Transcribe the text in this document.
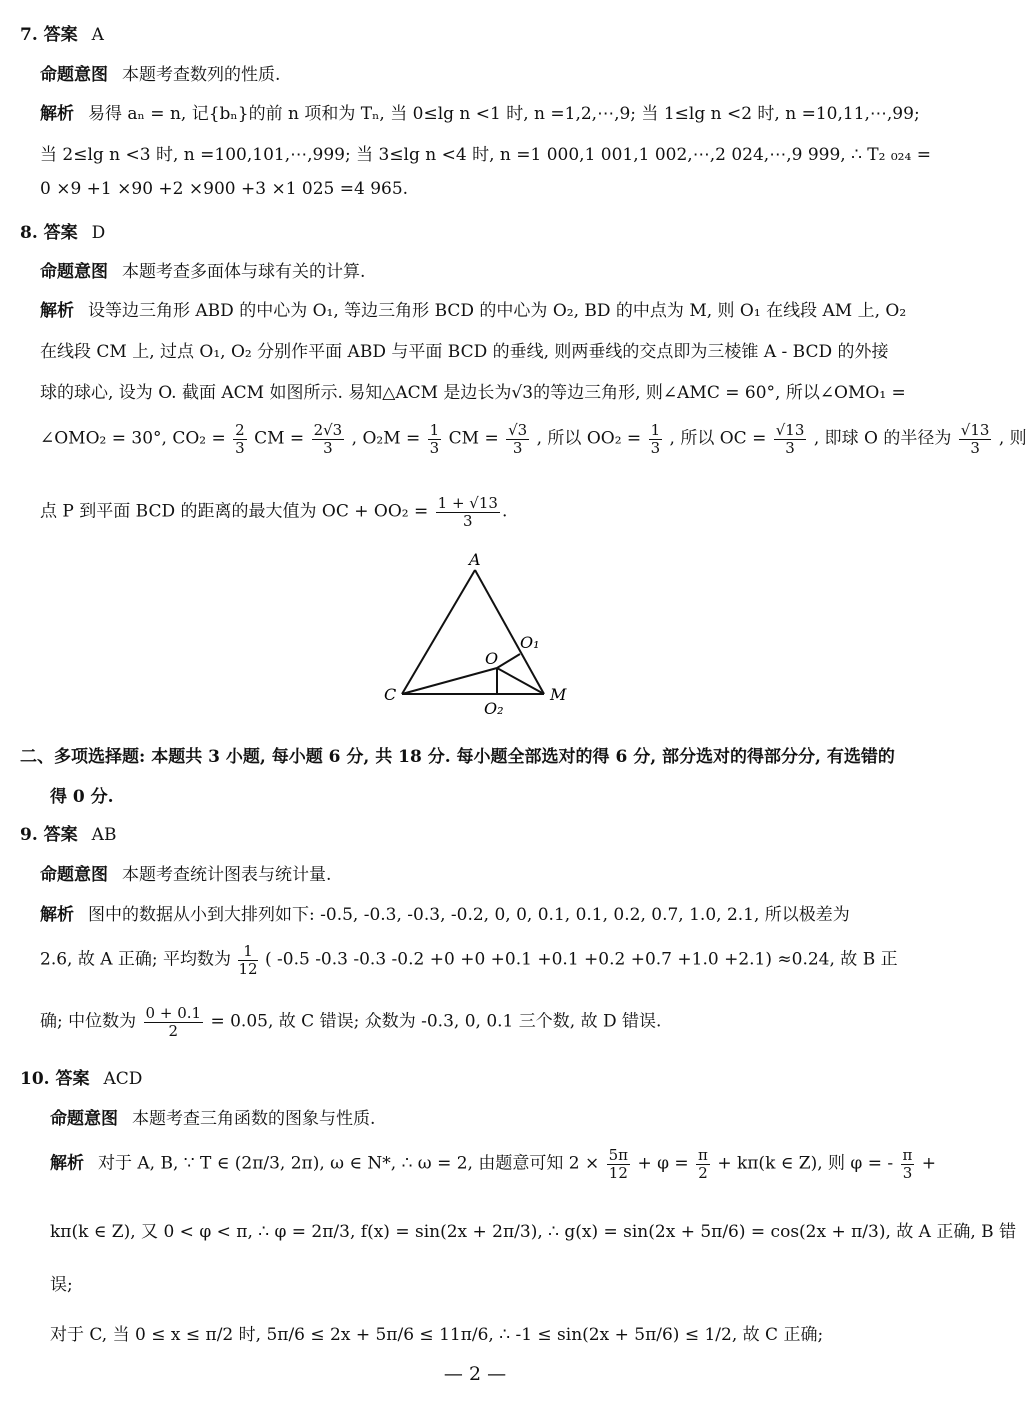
7. 答案 A
命题意图 本题考查数列的性质.
解析 易得 aₙ = n, 记{bₙ}的前 n 项和为 Tₙ, 当 0≤lg n <1 时, n =1,2,⋯,9; 当 1≤lg n <2 时, n =10,11,⋯,99;
当 2≤lg n <3 时, n =100,101,⋯,999; 当 3≤lg n <4 时, n =1 000,1 001,1 002,⋯,2 024,⋯,9 999, ∴ T₂ ₀₂₄ =
0 ×9 +1 ×90 +2 ×900 +3 ×1 025 =4 965.
8. 答案 D
命题意图 本题考查多面体与球有关的计算.
解析 设等边三角形 ABD 的中心为 O₁, 等边三角形 BCD 的中心为 O₂, BD 的中点为 M, 则 O₁ 在线段 AM 上, O₂
在线段 CM 上, 过点 O₁, O₂ 分别作平面 ABD 与平面 BCD 的垂线, 则两垂线的交点即为三棱锥 A - BCD 的外接
球的球心, 设为 O. 截面 ACM 如图所示. 易知△ACM 是边长为√3的等边三角形, 则∠AMC = 60°, 所以∠OMO₁ =
∠OMO₂ = 30°, $CO_2 = \frac{2}{3}$ CM = $\frac{2√3}{3}$ , $O_2M = \frac{1}{3}$ CM = $\frac{√3}{3}$ , 所以 $OO_2 = \frac{1}{3}$ , 所以 OC = $\frac{√13}{3}$ , 即球 O 的半径为 $\frac{√13}{3}$ , 则
点 P 到平面 BCD 的距离的最大值为 OC + $OO_2 = \frac{1 + √13}{3}$ .
A
C	M
O
O₁
O₂
二、多项选择题: 本题共 3 小题, 每小题 6 分, 共 18 分. 每小题全部选对的得 6 分, 部分选对的得部分分, 有选错的
得 0 分.
9. 答案 AB
命题意图 本题考查统计图表与统计量.
解析 图中的数据从小到大排列如下: -0.5, -0.3, -0.3, -0.2, 0, 0, 0.1, 0.1, 0.2, 0.7, 1.0, 2.1, 所以极差为
2.6, 故 A 正确; 平均数为 $\frac{1}{12}$ ( -0.5 -0.3 -0.3 -0.2 +0 +0 +0.1 +0.1 +0.2 +0.7 +1.0 +2.1) ≈0.24, 故 B 正
确; 中位数为 $\frac{0 + 0.1}{2} = 0.05$, 故 C 错误; 众数为 -0.3, 0, 0.1 三个数, 故 D 错误.
10. 答案 ACD
命题意图 本题考查三角函数的图象与性质.
解析 对于 A, B, ∵ T ∈ (2π/3, 2π), ω ∈ N*, ∴ ω = 2, 由题意可知 $2 \times \frac{5\pi}{12} + \varphi = \frac{\pi}{2} + k\pi(k$ ∈ Z), 则 φ = - $\frac{\pi}{3}$ +
kπ(k ∈ Z), 又 0 < φ < π, ∴ φ = 2π/3, f(x) = sin(2x + 2π/3), ∴ g(x) = sin(2x + 5π/6) = cos(2x + π/3), 故 A 正确, B 错
误;
对于 C, 当 0 ≤ x ≤ π/2 时, 5π/6 ≤ 2x + 5π/6 ≤ 11π/6, ∴ -1 ≤ sin(2x + 5π/6) ≤ 1/2, 故 C 正确;
— 2 —
